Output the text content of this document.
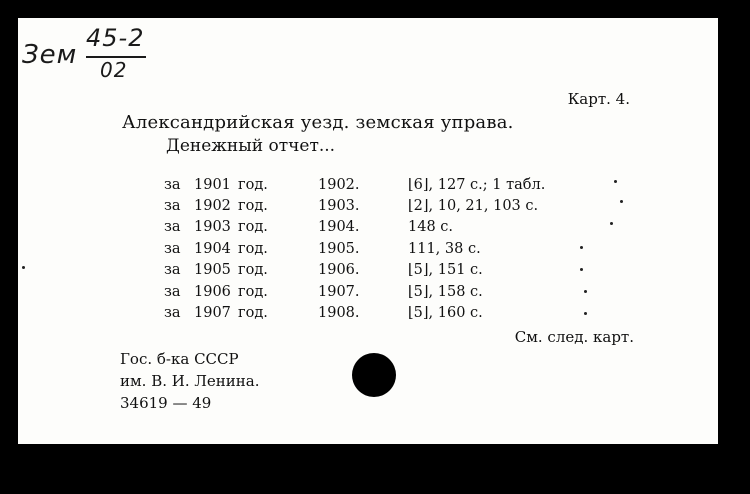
Зем
45-2
02
Карт. 4.
Александрийская уезд. земская управа.
Денежный отчет...
за 1901 год.	1902.	⌊6⌋, 127 с.; 1 табл.
за 1902 год.	1903.	⌊2⌋, 10, 21, 103 с.
за 1903 год.	1904.	148 с.
за 1904 год.	1905.	111, 38 с.
за 1905 год.	1906.	⌊5⌋, 151 с.
за 1906 год.	1907.	⌊5⌋, 158 с.
за 1907 год.	1908.	⌊5⌋, 160 с.
См. след. карт.
Гос. б-ка СССР
им. В. И. Ленина.
34619 — 49
